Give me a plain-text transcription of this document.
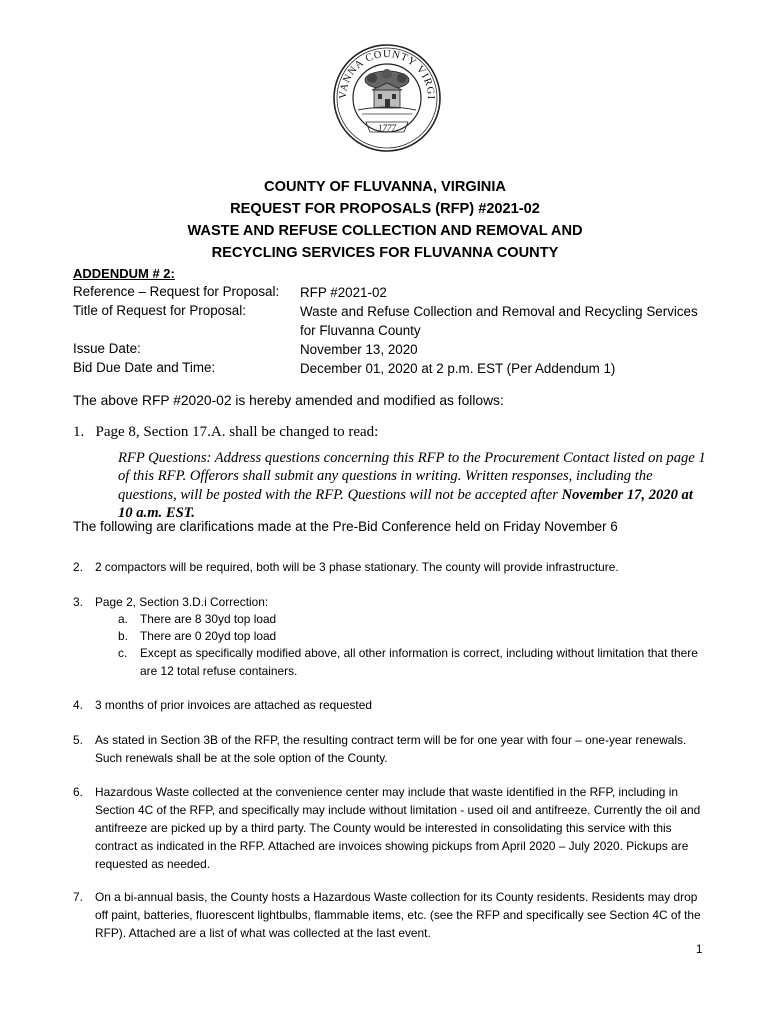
VANNA COUNTY VIRGI
1777
COUNTY OF FLUVANNA, VIRGINIA
REQUEST FOR PROPOSALS (RFP) #2021-02
WASTE AND REFUSE COLLECTION AND REMOVAL AND
RECYCLING SERVICES FOR FLUVANNA COUNTY
ADDENDUM # 2:
Reference – Request for Proposal: RFP #2021-02
Title of Request for Proposal:	Waste and Refuse Collection and Removal and Recycling Services for Fluvanna County
Issue Date:	November 13, 2020
Bid Due Date and Time:	December 01, 2020 at 2 p.m. EST (Per Addendum 1)
The above RFP #2020-02 is hereby amended and modified as follows:
1. Page 8, Section 17.A. shall be changed to read:
RFP Questions: Address questions concerning this RFP to the Procurement Contact listed on page 1 of this RFP. Offerors shall submit any questions in writing. Written responses, including the questions, will be posted with the RFP. Questions will not be accepted after November 17, 2020 at 10 a.m. EST.
The following are clarifications made at the Pre-Bid Conference held on Friday November 6
2. 2 compactors will be required, both will be 3 phase stationary. The county will provide infrastructure.
3. Page 2, Section 3.D.i Correction:
a. There are 8 30yd top load
b. There are 0 20yd top load
c. Except as specifically modified above, all other information is correct, including without limitation that there are 12 total refuse containers.
4. 3 months of prior invoices are attached as requested
5. As stated in Section 3B of the RFP, the resulting contract term will be for one year with four – one-year renewals. Such renewals shall be at the sole option of the County.
6. Hazardous Waste collected at the convenience center may include that waste identified in the RFP, including in Section 4C of the RFP, and specifically may include without limitation - used oil and antifreeze. Currently the oil and antifreeze are picked up by a third party. The County would be interested in consolidating this service with this contract as indicated in the RFP. Attached are invoices showing pickups from April 2020 – July 2020. Pickups are requested as needed.
7. On a bi-annual basis, the County hosts a Hazardous Waste collection for its County residents. Residents may drop off paint, batteries, fluorescent lightbulbs, flammable items, etc. (see the RFP and specifically see Section 4C of the RFP). Attached are a list of what was collected at the last event.
1
